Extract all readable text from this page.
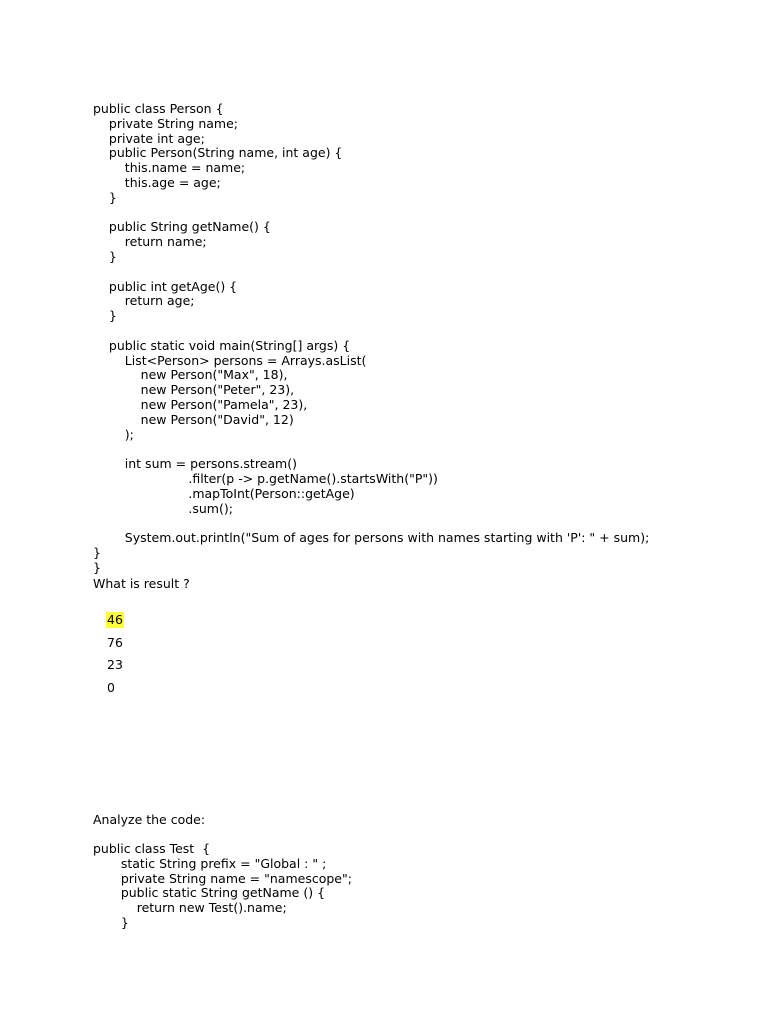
public class Person {
private String name;
private int age;
public Person(String name, int age) {
this.name = name;
this.age = age;
}

public String getName() {
return name;
}

public int getAge() {
return age;
}

public static void main(String[] args) {
List<Person> persons = Arrays.asList(
new Person("Max", 18),
new Person("Peter", 23),
new Person("Pamela", 23),
new Person("David", 12)
);

int sum = persons.stream()
.filter(p -> p.getName().startsWith("P"))
.mapToInt(Person::getAge)
.sum();

System.out.println("Sum of ages for persons with names starting with 'P': " + sum);
}
}
What is result ?
46
76
23
0
Analyze the code:
public class Test  {
static String prefix = "Global : " ;
private String name = "namescope";
public static String getName () {
return new Test().name;
}
